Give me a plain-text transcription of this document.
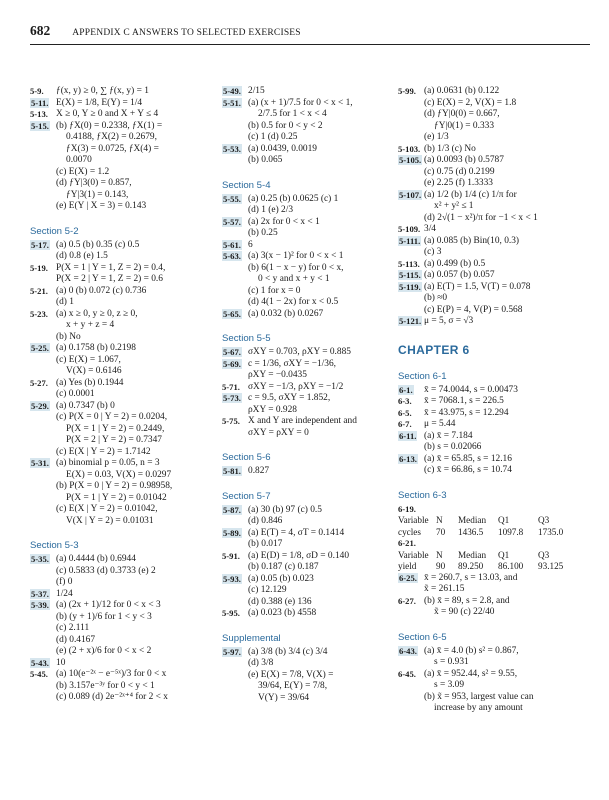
682 APPENDIX C ANSWERS TO SELECTED EXERCISES
5-9.	ƒ(x, y) ≥ 0, ∑ ƒ(x, y) = 1
5-11. E(X) = 1/8, E(Y) = 1/4
5-13. X ≥ 0, Y ≥ 0 and X + Y ≤ 4
5-15. (b) ƒX(0) = 0.2338, ƒX(1) =
0.4188, ƒX(2) = 0.2679,
ƒX(3) = 0.0725, ƒX(4) =
0.0070
(c) E(X) = 1.2
(d) ƒY|3(0) = 0.857,
ƒY|3(1) = 0.143,
(e) E(Y | X = 3) = 0.143
Section 5-2
5-17. (a) 0.5 (b) 0.35 (c) 0.5
(d) 0.8 (e) 1.5
5-19. P(X = 1 | Y = 1, Z = 2) = 0.4,
P(X = 2 | Y = 1, Z = 2) = 0.6
5-21. (a) 0 (b) 0.072 (c) 0.736
(d) 1
5-23. (a) x ≥ 0, y ≥ 0, z ≥ 0,
x + y + z = 4
(b) No
5-25. (a) 0.1758 (b) 0.2198
(c) E(X) = 1.067,
V(X) = 0.6146
5-27. (a) Yes (b) 0.1944
(c) 0.0001
5-29. (a) 0.7347 (b) 0
(c) P(X = 0 | Y = 2) = 0.0204,
P(X = 1 | Y = 2) = 0.2449,
P(X = 2 | Y = 2) = 0.7347
(c) E(X | Y = 2) = 1.7142
5-31. (a) binomial p = 0.05, n = 3
E(X) = 0.03, V(X) = 0.0297
(b) P(X = 0 | Y = 2) = 0.98958,
P(X = 1 | Y = 2) = 0.01042
(c) E(X | Y = 2) = 0.01042,
V(X | Y = 2) = 0.01031
Section 5-3
5-35. (a) 0.4444 (b) 0.6944
(c) 0.5833 (d) 0.3733 (e) 2
(f) 0
5-37. 1/24
5-39. (a) (2x + 1)/12 for 0 < x < 3
(b) (y + 1)/6 for 1 < y < 3
(c) 2.111
(d) 0.4167
(e) (2 + x)/6 for 0 < x < 2
5-43. 10
5-45. (a) 10(e⁻²ˣ − e⁻⁵ˣ)/3 for 0 < x
(b) 3.157e⁻³ʸ for 0 < y < 1
(c) 0.089 (d) 2e⁻²ˣ⁺⁴ for 2 < x
5-49. 2/15
5-51. (a) (x + 1)/7.5 for 0 < x < 1,
2/7.5 for 1 < x < 4
(b) 0.5 for 0 < y < 2
(c) 1 (d) 0.25
5-53. (a) 0.0439, 0.0019
(b) 0.065
Section 5-4
5-55. (a) 0.25 (b) 0.0625 (c) 1
(d) 1 (e) 2/3
5-57. (a) 2x for 0 < x < 1
(b) 0.25
5-61. 6
5-63. (a) 3(x − 1)² for 0 < x < 1
(b) 6(1 − x − y) for 0 < x,
0 < y and x + y < 1
(c) 1 for x = 0
(d) 4(1 − 2x) for x < 0.5
5-65. (a) 0.032 (b) 0.0267
Section 5-5
5-67. σXY = 0.703, ρXY = 0.885
5-69. c = 1/36, σXY = −1/36,
ρXY = −0.0435
5-71. σXY = −1/3, ρXY = −1/2
5-73. c = 9.5, σXY = 1.852,
ρXY = 0.928
5-75. X and Y are independent and
σXY = ρXY = 0
Section 5-6
5-81. 0.827
Section 5-7
5-87. (a) 30 (b) 97 (c) 0.5
(d) 0.846
5-89. (a) E(T) = 4, σT = 0.1414
(b) 0.017
5-91. (a) E(D) = 1/8, σD = 0.140
(b) 0.187 (c) 0.187
5-93. (a) 0.05 (b) 0.023
(c) 12.129
(d) 0.388 (e) 136
5-95. (a) 0.023 (b) 4558
Supplemental
5-97. (a) 3/8 (b) 3/4 (c) 3/4
(d) 3/8
(e) E(X) = 7/8, V(X) =
39/64, E(Y) = 7/8,
V(Y) = 39/64
5-99. (a) 0.0631 (b) 0.122
(c) E(X) = 2, V(X) = 1.8
(d) ƒY|0(0) = 0.667,
ƒY|0(1) = 0.333
(e) 1/3
5-103. (b) 1/3 (c) No
5-105. (a) 0.0093 (b) 0.5787
(c) 0.75 (d) 0.2199
(e) 2.25 (f) 1.3333
5-107. (a) 1/2 (b) 1/4 (c) 1/π for
x² + y² ≤ 1
(d) 2√(1 − x²)/π for −1 < x < 1
5-109. 3/4
5-111. (a) 0.085 (b) Bin(10, 0.3)
(c) 3
5-113. (a) 0.499 (b) 0.5
5-115. (a) 0.057 (b) 0.057
5-119. (a) E(T) = 1.5, V(T) = 0.078
(b) ≈0
(c) E(P) = 4, V(P) = 0.568
5-121. μ = 5, σ = √3
CHAPTER 6
Section 6-1
6-1.	x̄ = 74.0044, s = 0.00473
6-3.	x̄ = 7068.1, s = 226.5
6-5.	x̄ = 43.975, s = 12.294
6-7.	μ = 5.44
6-11. (a) x̄ = 7.184
(b) s = 0.02066
6-13. (a) x̄ = 65.85, s = 12.16
(c) x̄ = 66.86, s = 10.74
Section 6-3
6-19.
Variable N	Median	Q1	Q3
cycles	70	1436.5	1097.8	1735.0
6-21.
Variable N	Median	Q1	Q3
yield	90	89.250	86.100	93.125
6-25. x̄ = 260.7, s = 13.03, and
x̃ = 261.15
6-27. (b) x̄ = 89, s = 2.8, and
x̃ = 90 (c) 22/40
Section 6-5
6-43. (a) x̄ = 4.0 (b) s² = 0.867,
s = 0.931
6-45. (a) x̄ = 952.44, s² = 9.55,
s = 3.09
(b) x̃ = 953, largest value can
increase by any amount
